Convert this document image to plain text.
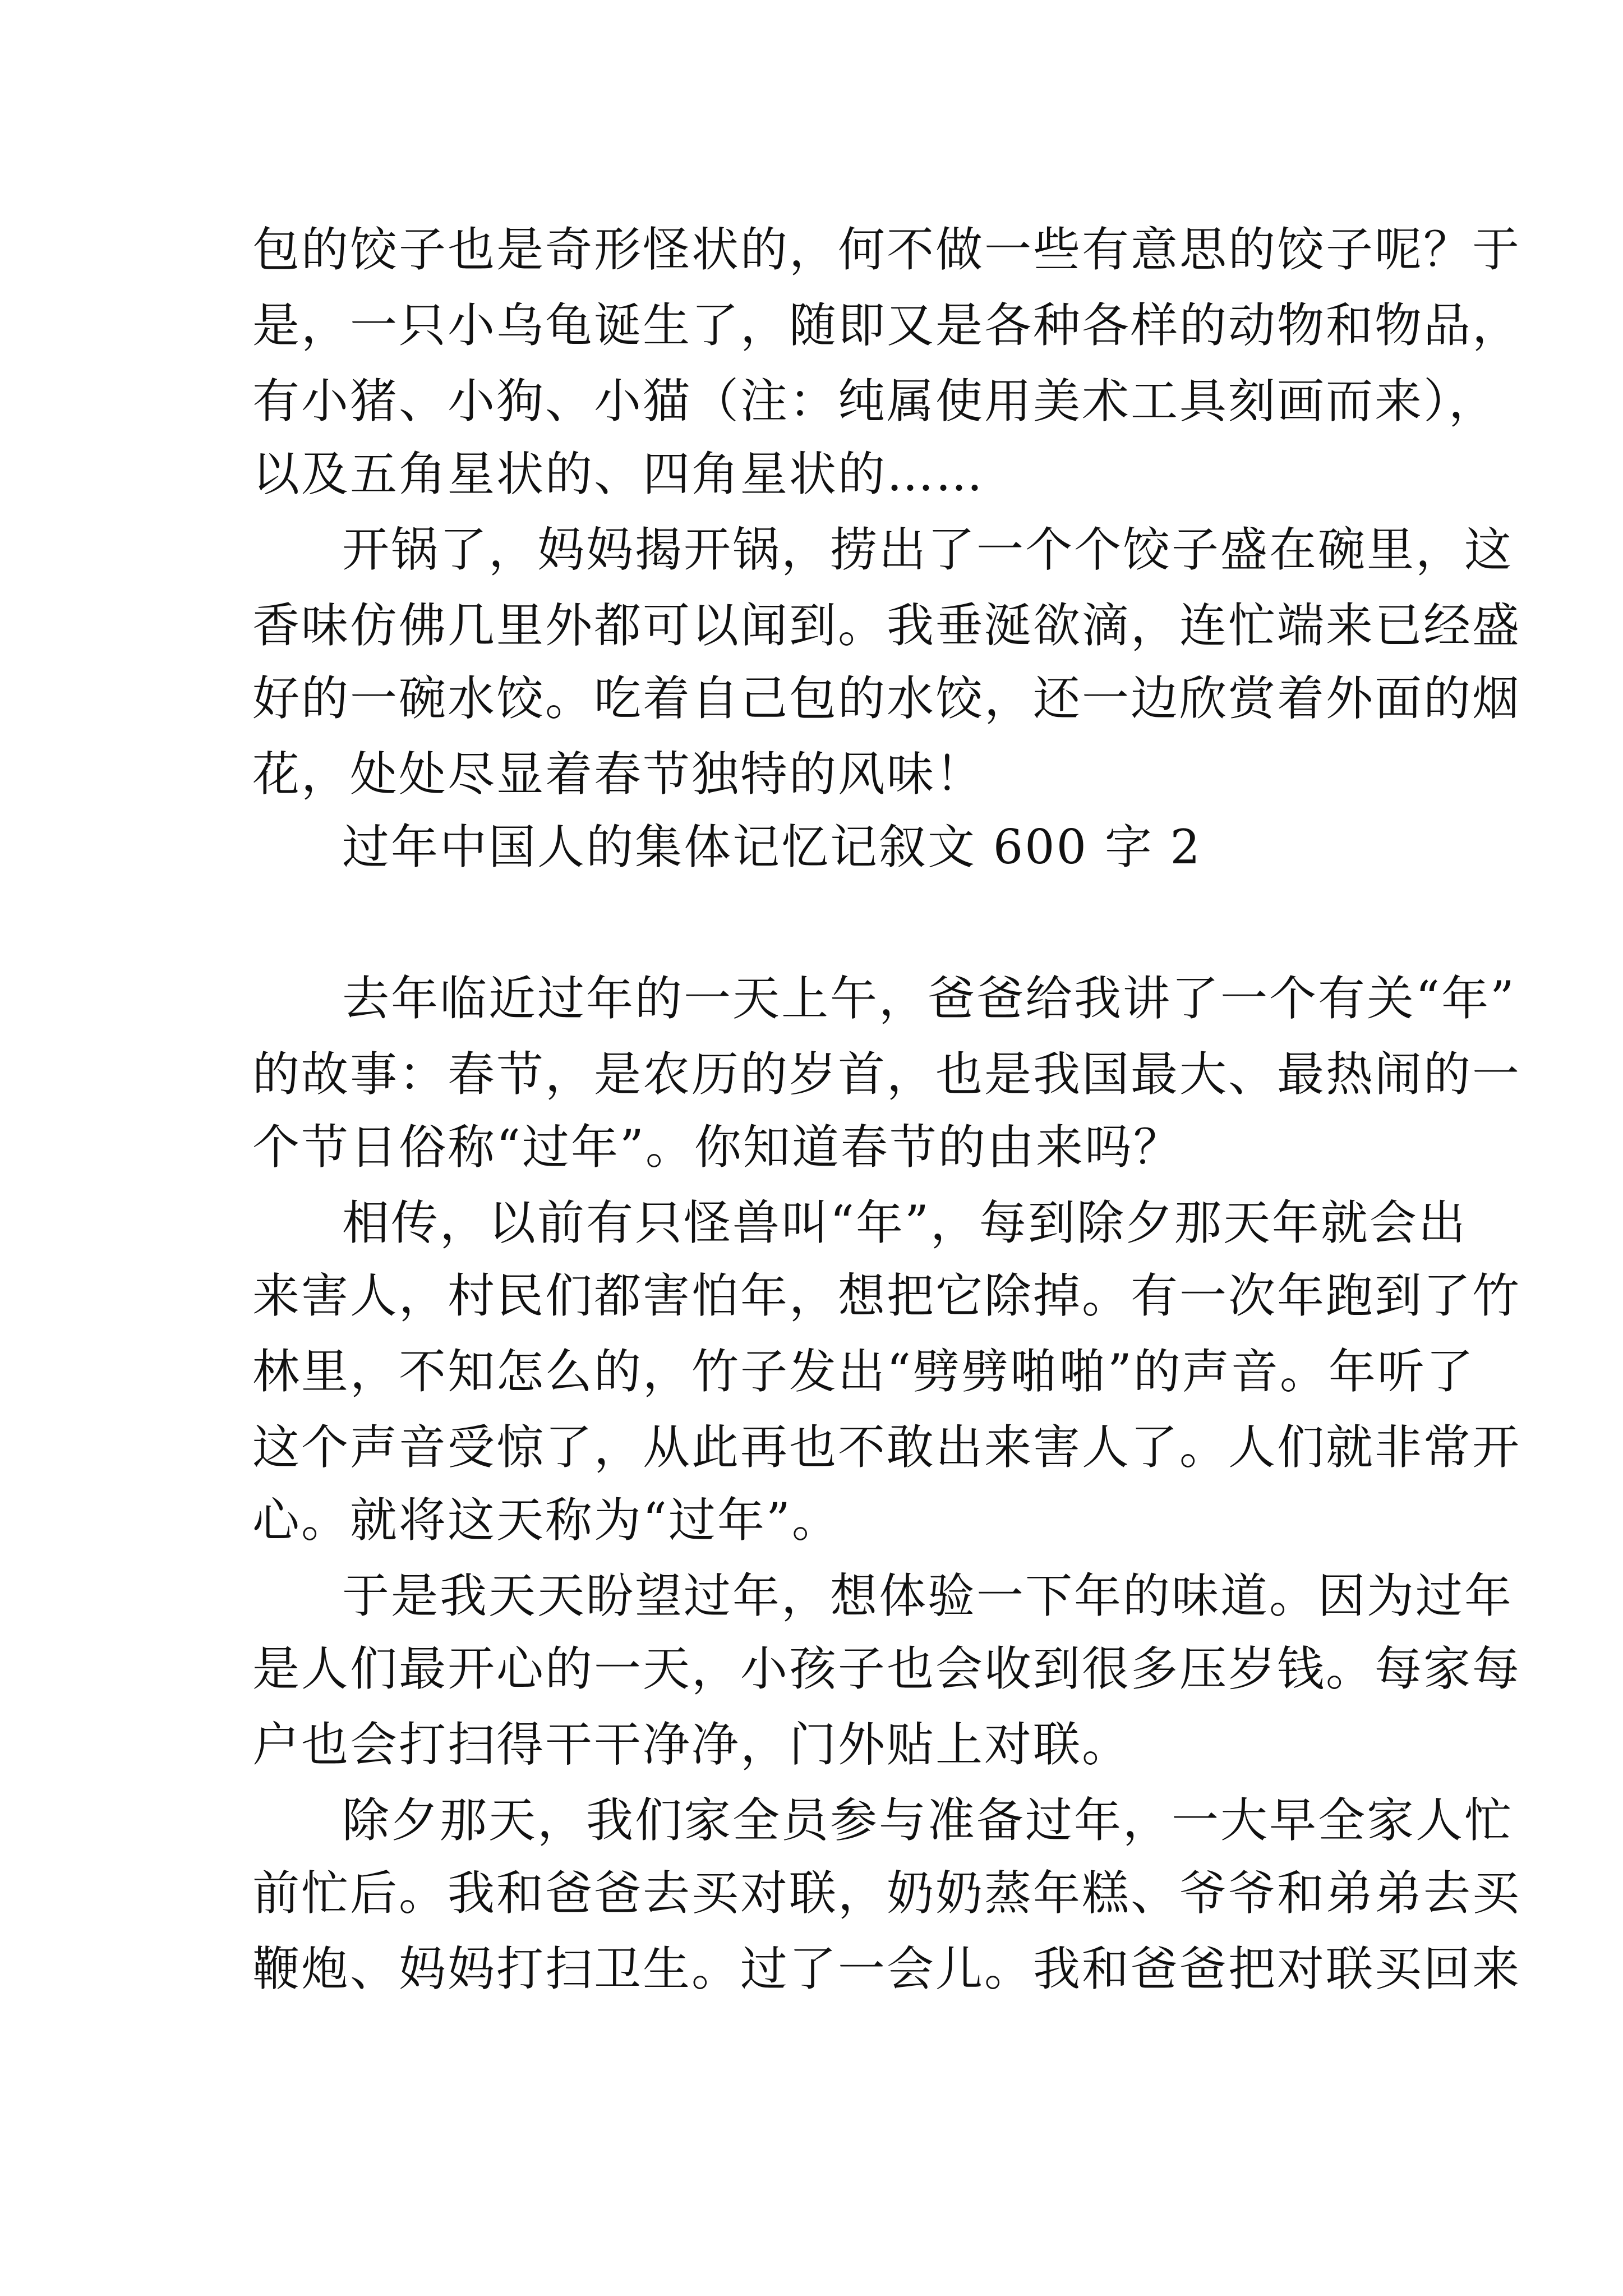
包的饺子也是奇形怪状的，何不做一些有意思的饺子呢？于
是，一只小乌龟诞生了，随即又是各种各样的动物和物品，
有小猪、小狗、小猫（注：纯属使用美术工具刻画而来），
以及五角星状的、四角星状的……
开锅了，妈妈揭开锅，捞出了一个个饺子盛在碗里，这
香味仿佛几里外都可以闻到。我垂涎欲滴，连忙端来已经盛
好的一碗水饺。吃着自己包的水饺，还一边欣赏着外面的烟
花，处处尽显着春节独特的风味！
过年中国人的集体记忆记叙文 600 字 2
去年临近过年的一天上午，爸爸给我讲了一个有关“年”
的故事：春节，是农历的岁首，也是我国最大、最热闹的一
个节日俗称“过年”。你知道春节的由来吗？
相传，以前有只怪兽叫“年”，每到除夕那天年就会出
来害人，村民们都害怕年，想把它除掉。有一次年跑到了竹
林里，不知怎么的，竹子发出“劈劈啪啪”的声音。年听了
这个声音受惊了，从此再也不敢出来害人了。人们就非常开
心。就将这天称为“过年”。
于是我天天盼望过年，想体验一下年的味道。因为过年
是人们最开心的一天，小孩子也会收到很多压岁钱。每家每
户也会打扫得干干净净，门外贴上对联。
除夕那天，我们家全员参与准备过年，一大早全家人忙
前忙后。我和爸爸去买对联，奶奶蒸年糕、爷爷和弟弟去买
鞭炮、妈妈打扫卫生。过了一会儿。我和爸爸把对联买回来
